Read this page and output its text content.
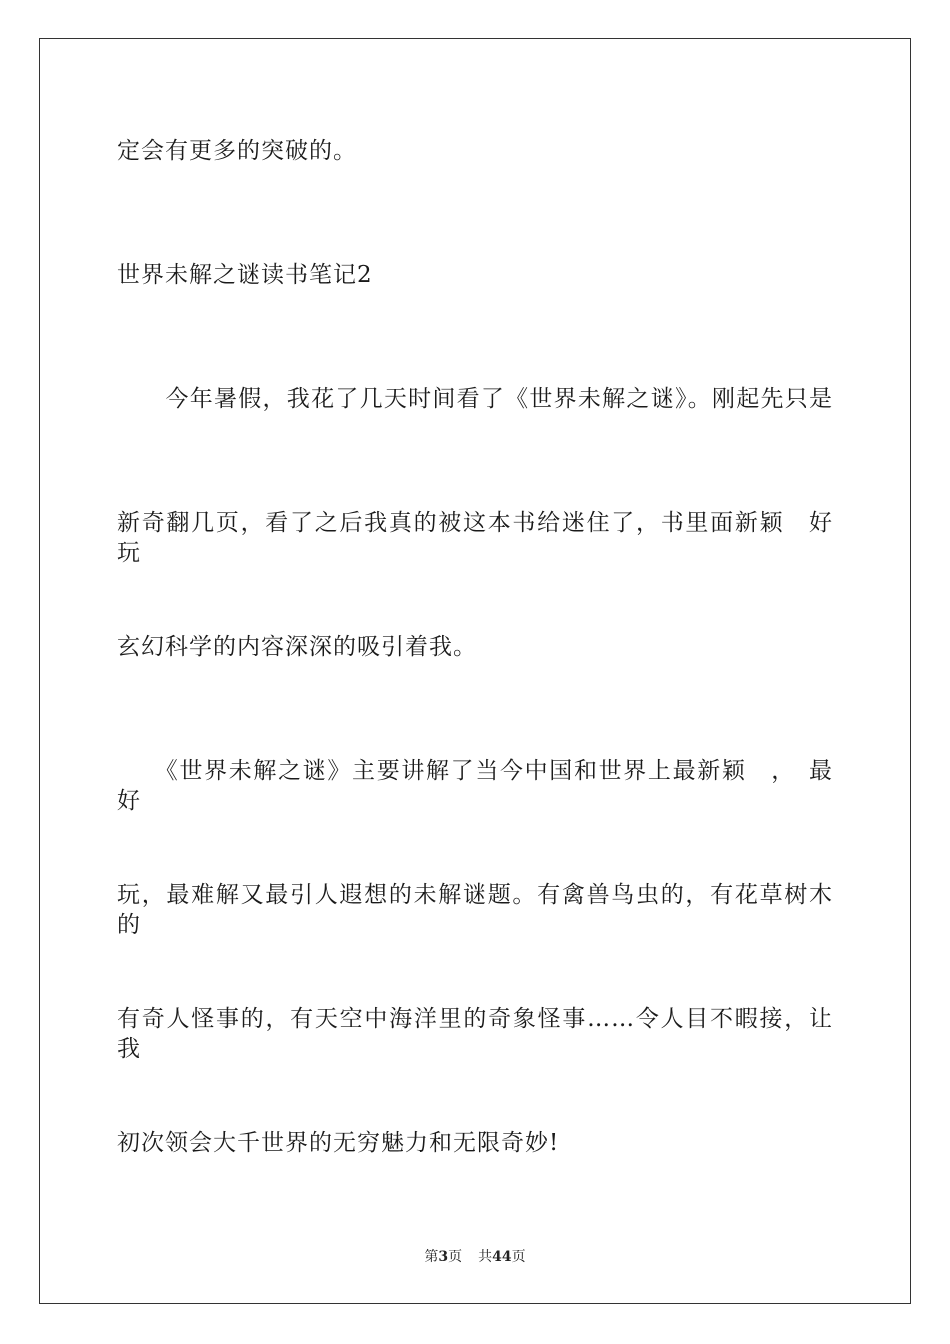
定会有更多的突破的。
世界未解之谜读书笔记2
　　今年暑假，我花了几天时间看了《世界未解之谜》。刚起先只是
新奇翻几页，看了之后我真的被这本书给迷住了，书里面新颖　好玩
玄幻科学的内容深深的吸引着我。
　　《世界未解之谜》主要讲解了当今中国和世界上最新颖　，　最　好
玩，最难解又最引人遐想的未解谜题。有禽兽鸟虫的，有花草树木的
有奇人怪事的，有天空中海洋里的奇象怪事……令人目不暇接，让我
初次领会大千世界的无穷魅力和无限奇妙!
第3页 共44页
